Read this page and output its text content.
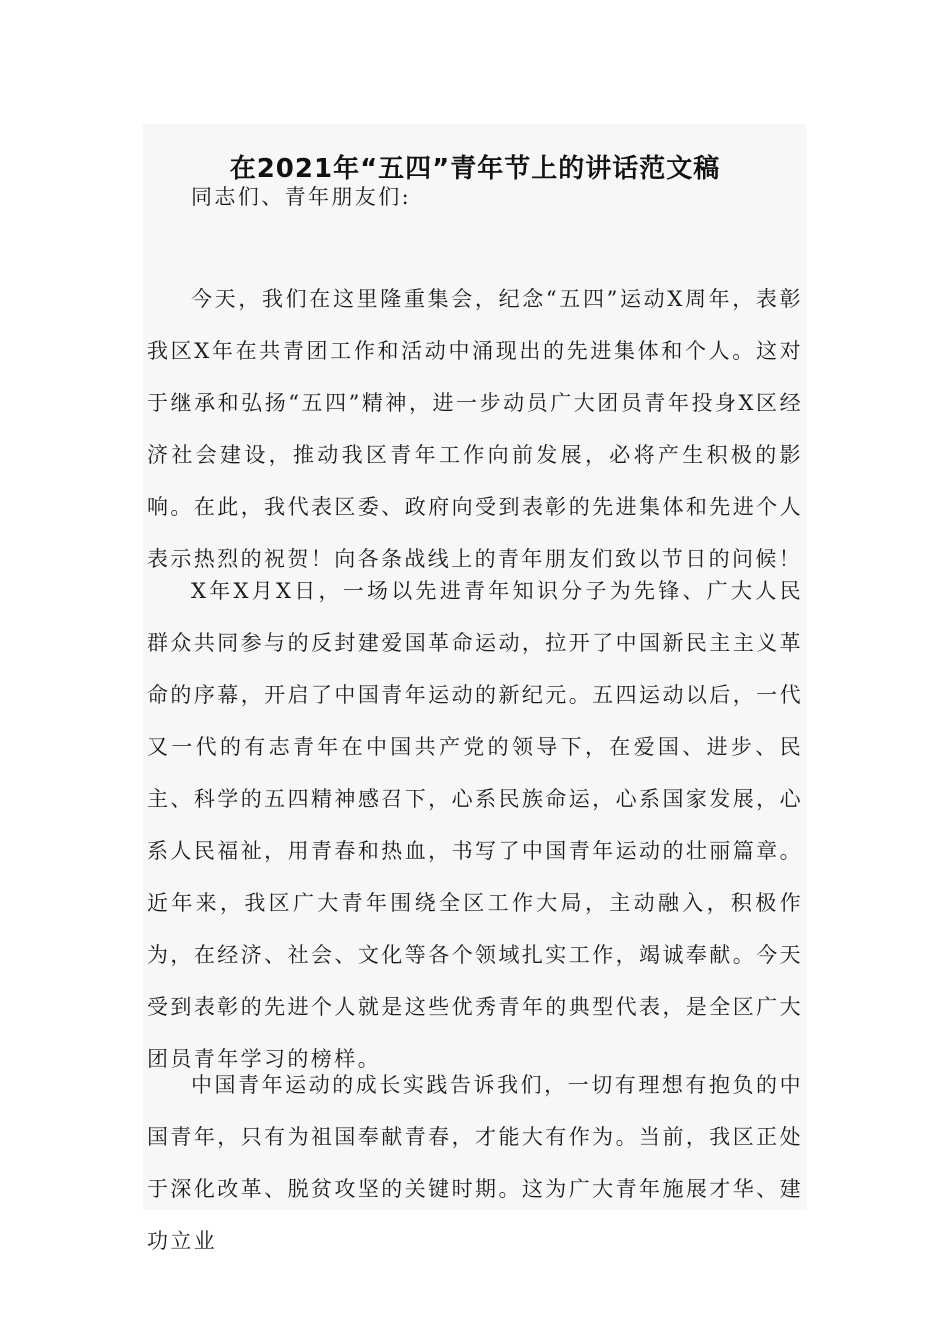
在2021年“五四”青年节上的讲话范文稿

同志们、青年朋友们:

今天，我们在这里隆重集会，纪念“五四”运动X周年，表彰我区X年在共青团工作和活动中涌现出的先进集体和个人。这对于继承和弘扬“五四”精神，进一步动员广大团员青年投身X区经济社会建设，推动我区青年工作向前发展，必将产生积极的影响。在此，我代表区委、政府向受到表彰的先进集体和先进个人表示热烈的祝贺！向各条战线上的青年朋友们致以节日的问候！

X年X月X日，一场以先进青年知识分子为先锋、广大人民群众共同参与的反封建爱国革命运动，拉开了中国新民主主义革命的序幕，开启了中国青年运动的新纪元。五四运动以后，一代又一代的有志青年在中国共产党的领导下，在爱国、进步、民主、科学的五四精神感召下，心系民族命运，心系国家发展，心系人民福祉，用青春和热血，书写了中国青年运动的壮丽篇章。近年来，我区广大青年围绕全区工作大局，主动融入，积极作为，在经济、社会、文化等各个领域扎实工作，竭诚奉献。今天受到表彰的先进个人就是这些优秀青年的典型代表，是全区广大团员青年学习的榜样。

中国青年运动的成长实践告诉我们，一切有理想有抱负的中国青年，只有为祖国奉献青春，才能大有作为。当前，我区正处于深化改革、脱贫攻坚的关键时期。这为广大青年施展才华、建功立业
